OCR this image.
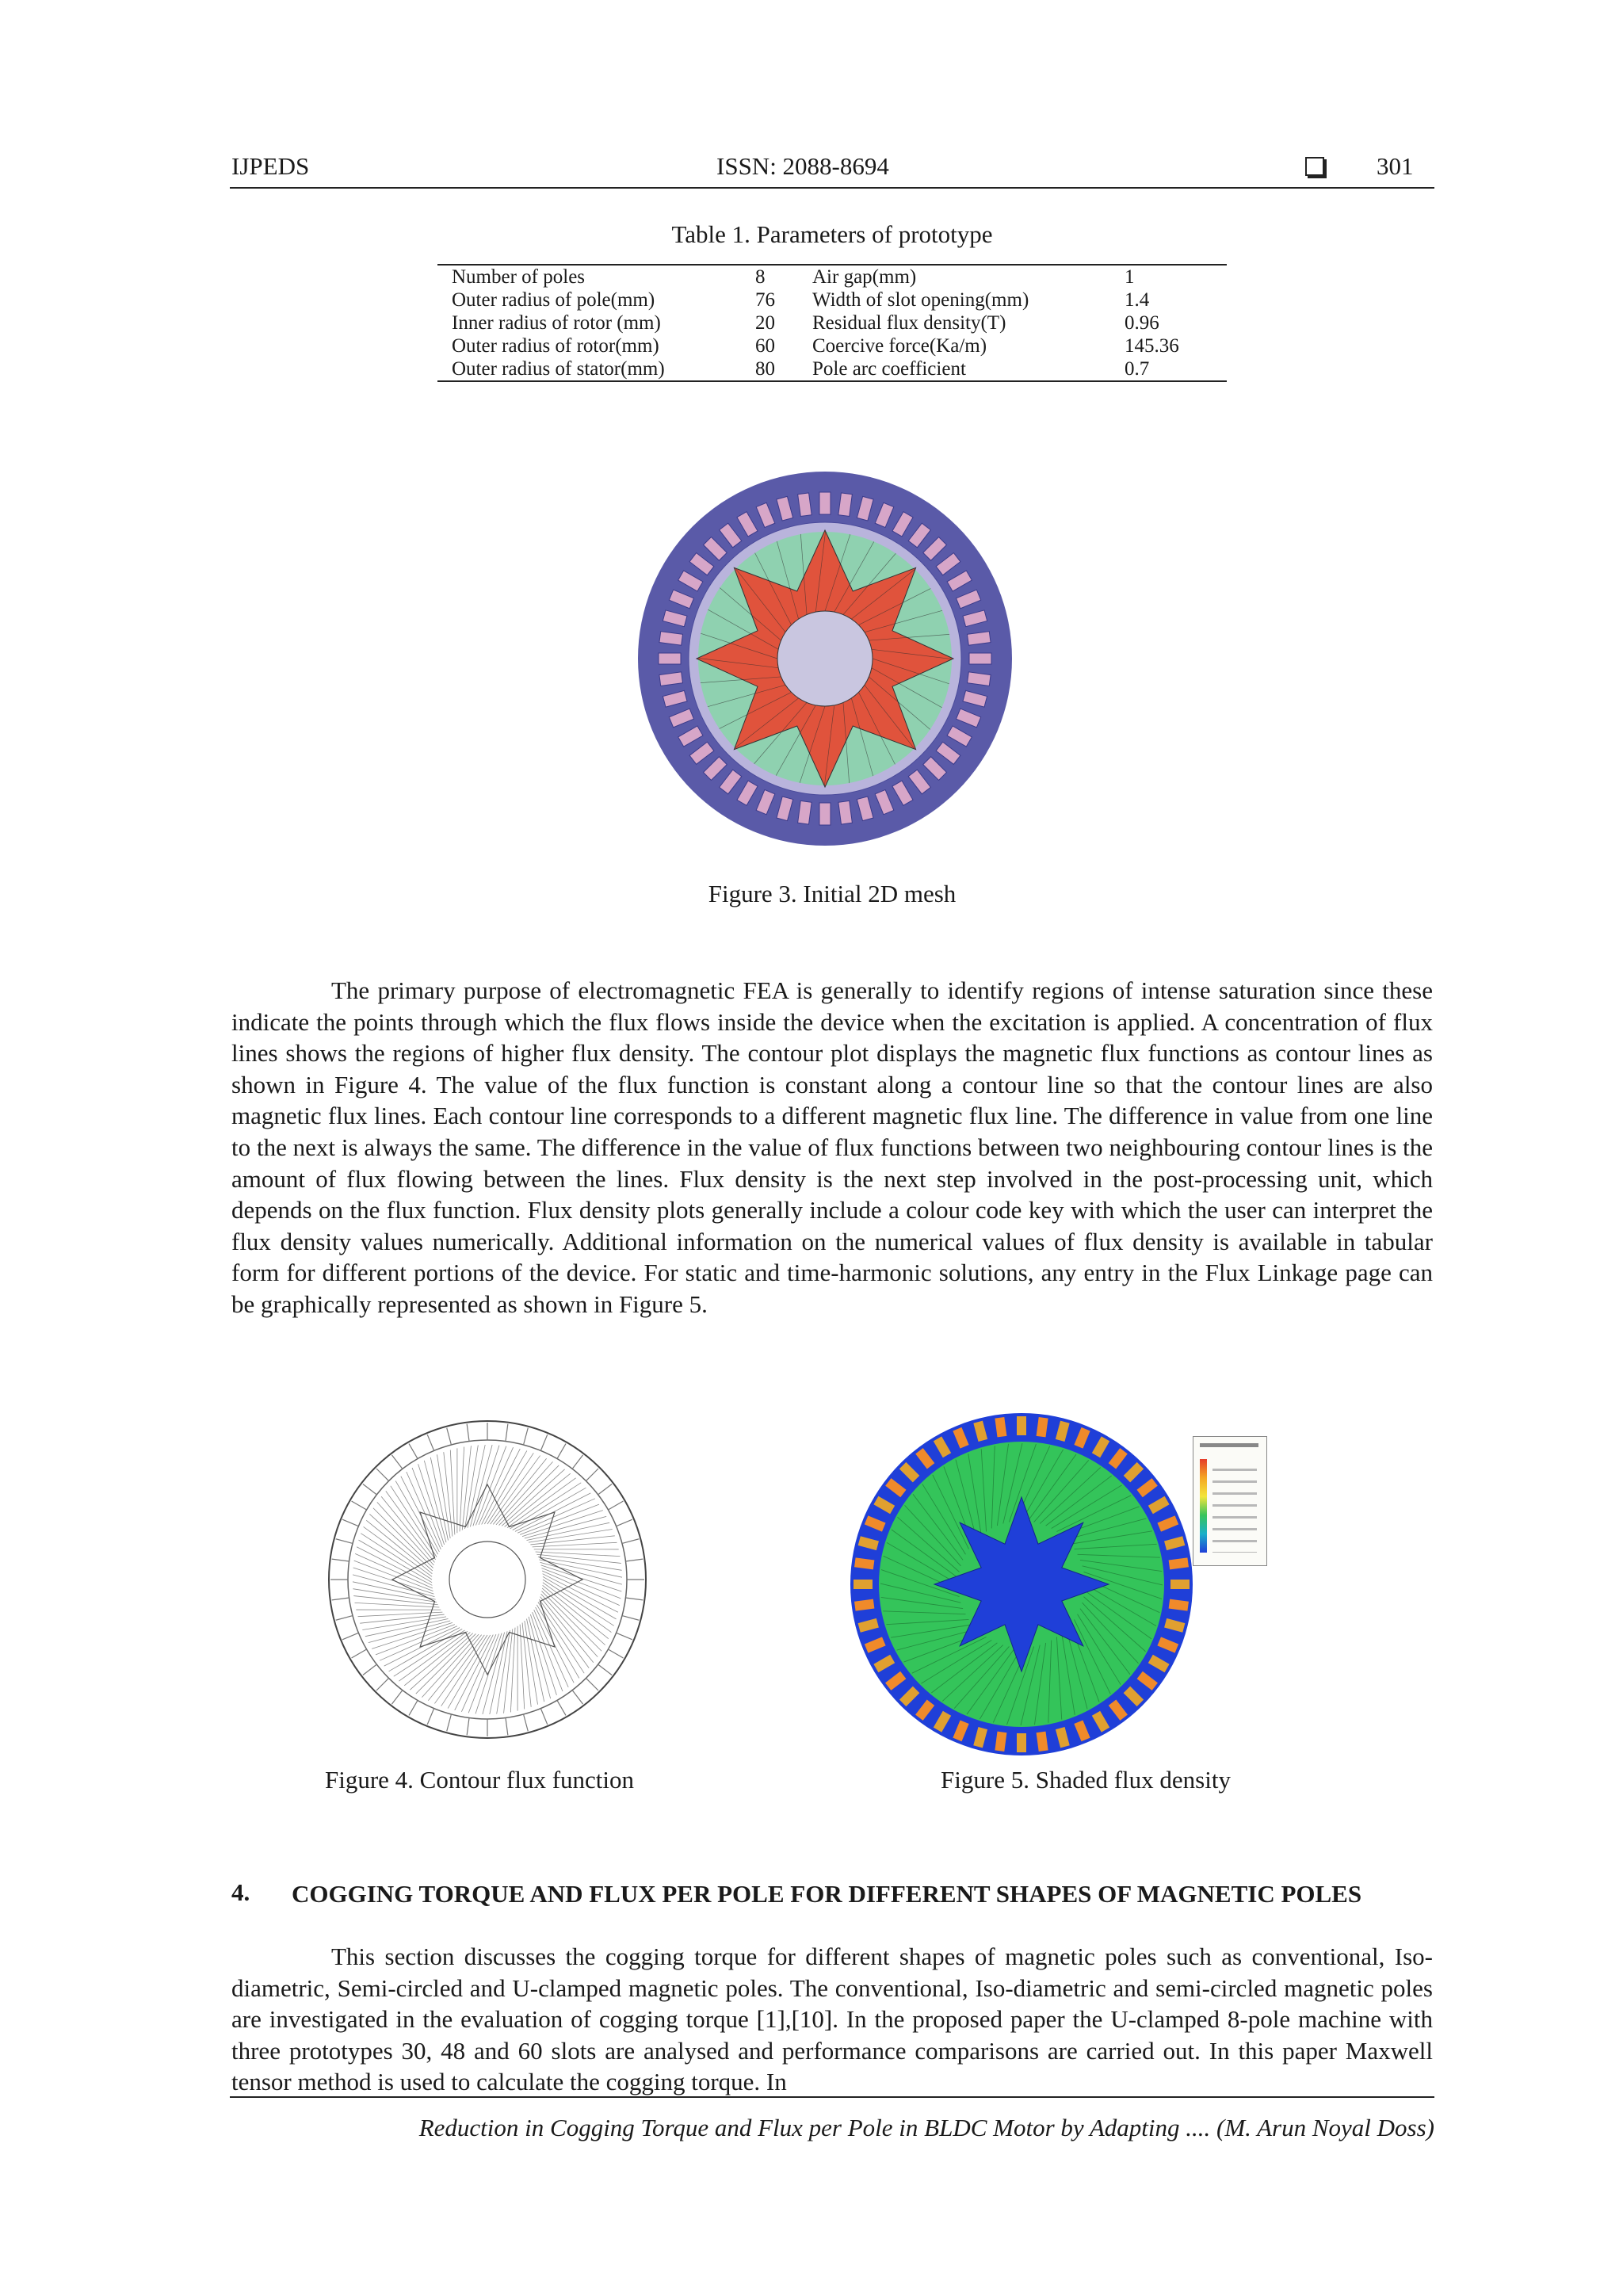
IJPEDS	ISSN: 2088-8694	301
Table 1. Parameters of prototype
Number of poles	8	Air gap(mm)	1
Outer radius of pole(mm)	76	Width of slot opening(mm)	1.4
Inner radius of rotor (mm)	20	Residual flux density(T)	0.96
Outer radius of rotor(mm)	60	Coercive force(Ka/m)	145.36
Outer radius of stator(mm)	80	Pole arc coefficient	0.7
Figure 3. Initial 2D mesh
The primary purpose of electromagnetic FEA is generally to identify regions of intense saturation since these indicate the points through which the flux flows inside the device when the excitation is applied. A concentration of flux lines shows the regions of higher flux density. The contour plot displays the magnetic flux functions as contour lines as shown in Figure 4. The value of the flux function is constant along a contour line so that the contour lines are also magnetic flux lines. Each contour line corresponds to a different magnetic flux line. The difference in value from one line to the next is always the same. The difference in the value of flux functions between two neighbouring contour lines is the amount of flux flowing between the lines. Flux density is the next step involved in the post-processing unit, which depends on the flux function. Flux density plots generally include a colour code key with which the user can interpret the flux density values numerically. Additional information on the numerical values of flux density is available in tabular form for different portions of the device. For static and time-harmonic solutions, any entry in the Flux Linkage page can be graphically represented as shown in Figure 5.
Figure 4. Contour flux function	Figure 5. Shaded flux density
4. COGGING TORQUE AND FLUX PER POLE FOR DIFFERENT SHAPES OF MAGNETIC POLES
This section discusses the cogging torque for different shapes of magnetic poles such as conventional, Iso-diametric, Semi-circled and U-clamped magnetic poles. The conventional, Iso-diametric and semi-circled magnetic poles are investigated in the evaluation of cogging torque [1],[10]. In the proposed paper the U-clamped 8-pole machine with three prototypes 30, 48 and 60 slots are analysed and performance comparisons are carried out. In this paper Maxwell tensor method is used to calculate the cogging torque. In
Reduction in Cogging Torque and Flux per Pole in BLDC Motor by Adapting .... (M. Arun Noyal Doss)
